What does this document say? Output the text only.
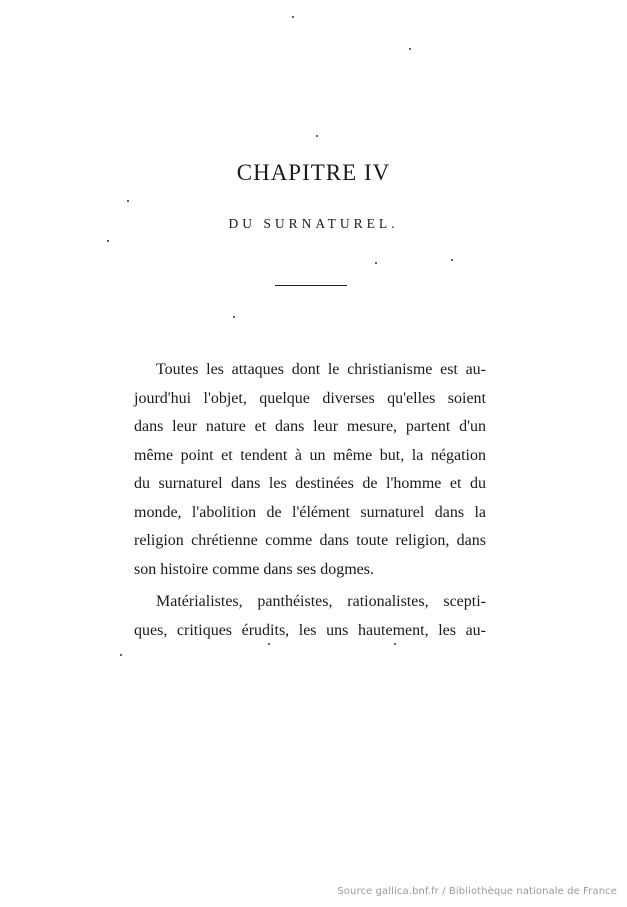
CHAPITRE IV
DU SURNATUREL.
Toutes les attaques dont le christianisme est au-
jourd'hui l'objet, quelque diverses qu'elles soient
dans leur nature et dans leur mesure, partent d'un
même point et tendent à un même but, la négation
du surnaturel dans les destinées de l'homme et du
monde, l'abolition de l'élément surnaturel dans la
religion chrétienne comme dans toute religion, dans
son histoire comme dans ses dogmes.
Matérialistes, panthéistes, rationalistes, scepti-
ques, critiques érudits, les uns hautement, les au-
Source gallica.bnf.fr / Bibliothèque nationale de France
